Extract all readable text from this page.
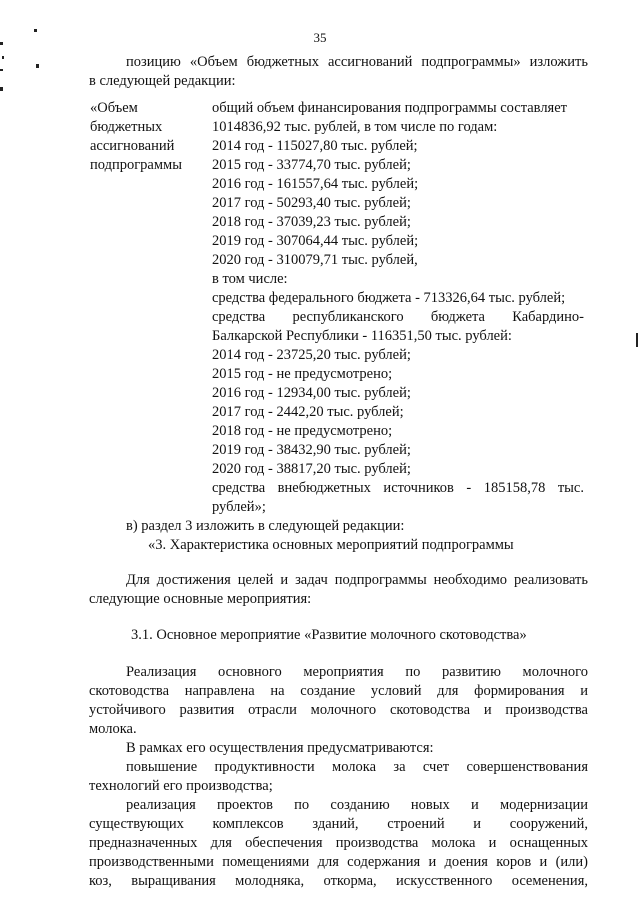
35
позицию «Объем бюджетных ассигнований подпрограммы» изложить
в следующей редакции:
«Объем
бюджетных
ассигнований
подпрограммы
общий объем финансирования подпрограммы составляет
1014836,92 тыс. рублей, в том числе по годам:
2014 год - 115027,80 тыс. рублей;
2015 год - 33774,70 тыс. рублей;
2016 год - 161557,64 тыс. рублей;
2017 год - 50293,40 тыс. рублей;
2018 год - 37039,23 тыс. рублей;
2019 год - 307064,44 тыс. рублей;
2020 год - 310079,71 тыс. рублей,
в том числе:
средства федерального бюджета - 713326,64 тыс. рублей;
средства республиканского бюджета Кабардино-
Балкарской Республики - 116351,50 тыс. рублей:
2014 год - 23725,20 тыс. рублей;
2015 год - не предусмотрено;
2016 год - 12934,00 тыс. рублей;
2017 год - 2442,20 тыс. рублей;
2018 год - не предусмотрено;
2019 год - 38432,90 тыс. рублей;
2020 год - 38817,20 тыс. рублей;
средства внебюджетных источников - 185158,78 тыс.
рублей»;
в) раздел 3 изложить в следующей редакции:
«3. Характеристика основных мероприятий подпрограммы
Для достижения целей и задач подпрограммы необходимо реализовать
следующие основные мероприятия:
3.1. Основное мероприятие «Развитие молочного скотоводства»
Реализация основного мероприятия по развитию молочного
скотоводства направлена на создание условий для формирования и
устойчивого развития отрасли молочного скотоводства и производства
молока.
В рамках его осуществления предусматриваются:
повышение продуктивности молока за счет совершенствования
технологий его производства;
реализация проектов по созданию новых и модернизации
существующих комплексов зданий, строений и сооружений,
предназначенных для обеспечения производства молока и оснащенных
производственными помещениями для содержания и доения коров и (или)
коз, выращивания молодняка, откорма, искусственного осеменения,
